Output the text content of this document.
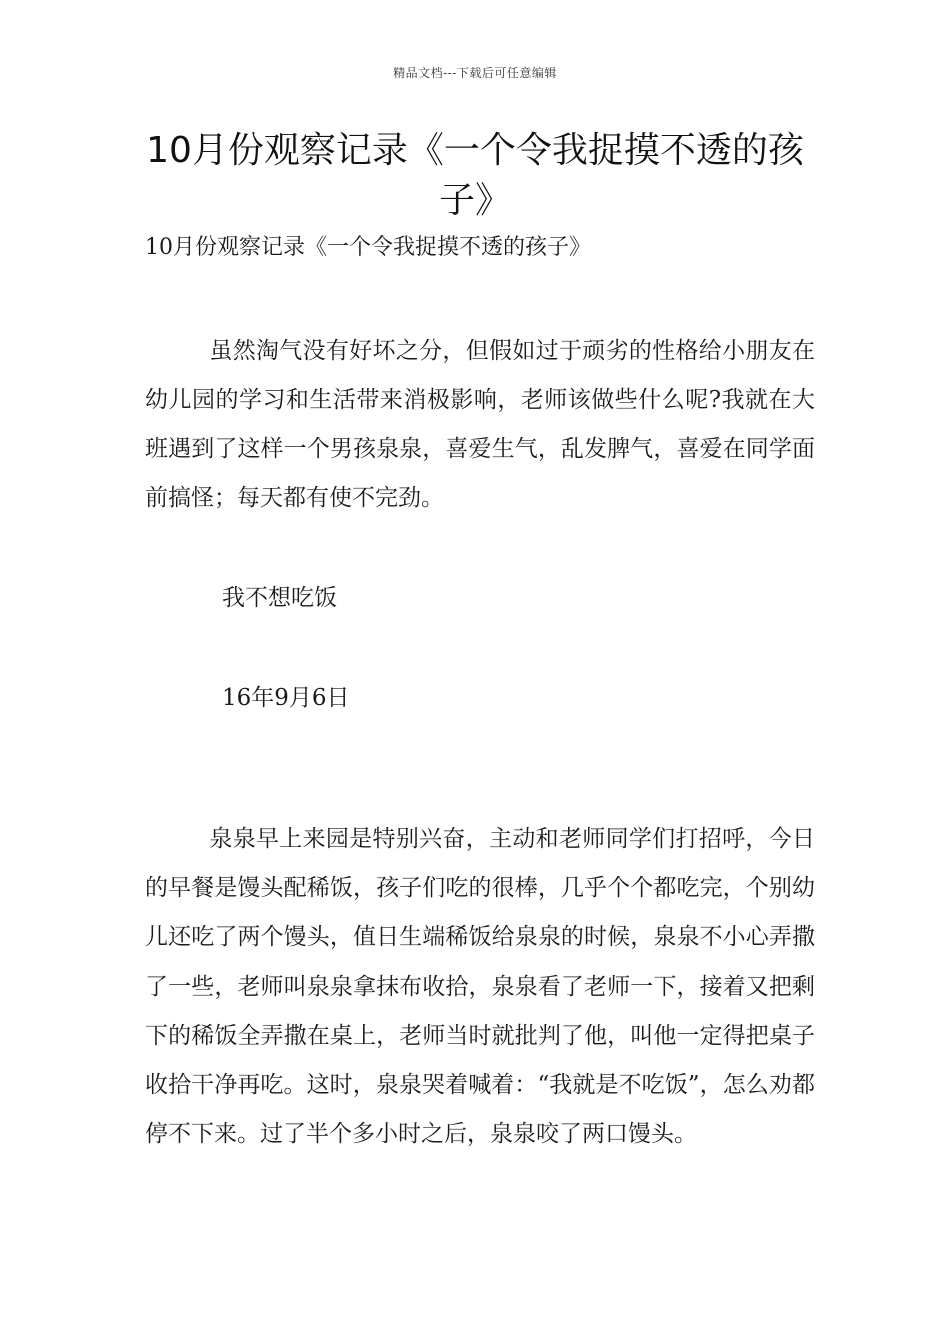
精品文档---下载后可任意编辑
10月份观察记录《一个令我捉摸不透的孩子》

10月份观察记录《一个令我捉摸不透的孩子》

虽然淘气没有好坏之分，但假如过于顽劣的性格给小朋友在幼儿园的学习和生活带来消极影响，老师该做些什么呢?我就在大班遇到了这样一个男孩泉泉，喜爱生气，乱发脾气，喜爱在同学面前搞怪；每天都有使不完劲。

我不想吃饭

16年9月6日

泉泉早上来园是特别兴奋，主动和老师同学们打招呼，今日的早餐是馒头配稀饭，孩子们吃的很棒，几乎个个都吃完，个别幼儿还吃了两个馒头，值日生端稀饭给泉泉的时候，泉泉不小心弄撒了一些，老师叫泉泉拿抹布收拾，泉泉看了老师一下，接着又把剩下的稀饭全弄撒在桌上，老师当时就批判了他，叫他一定得把桌子收拾干净再吃。这时，泉泉哭着喊着：“我就是不吃饭”，怎么劝都停不下来。过了半个多小时之后，泉泉咬了两口馒头。
